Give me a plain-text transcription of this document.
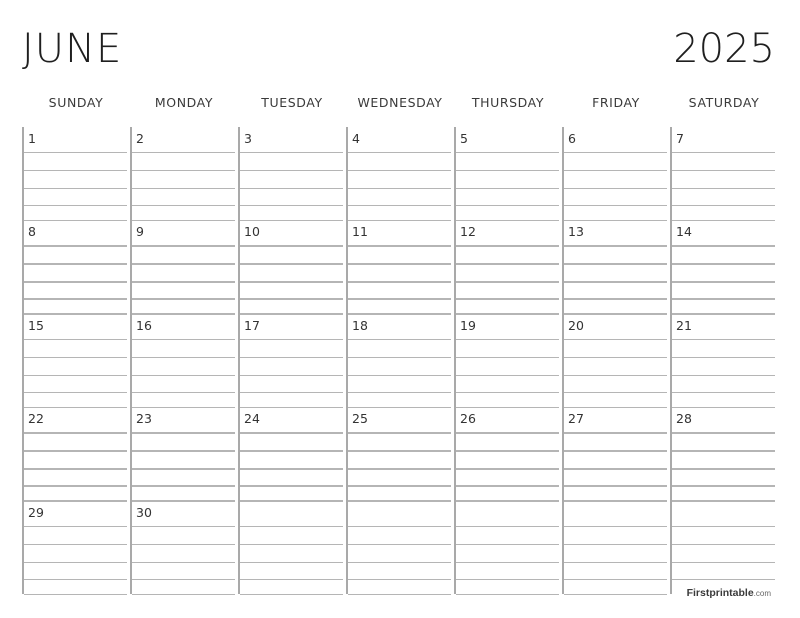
JUNE	2025
SUNDAY	MONDAY	TUESDAY	WEDNESDAY	THURSDAY	FRIDAY	SATURDAY
1	2	3	4	5	6	7
8	9	10	11	12	13	14
15	16	17	18	19	20	21
22	23	24	25	26	27	28
29	30
Firstprintable.com
